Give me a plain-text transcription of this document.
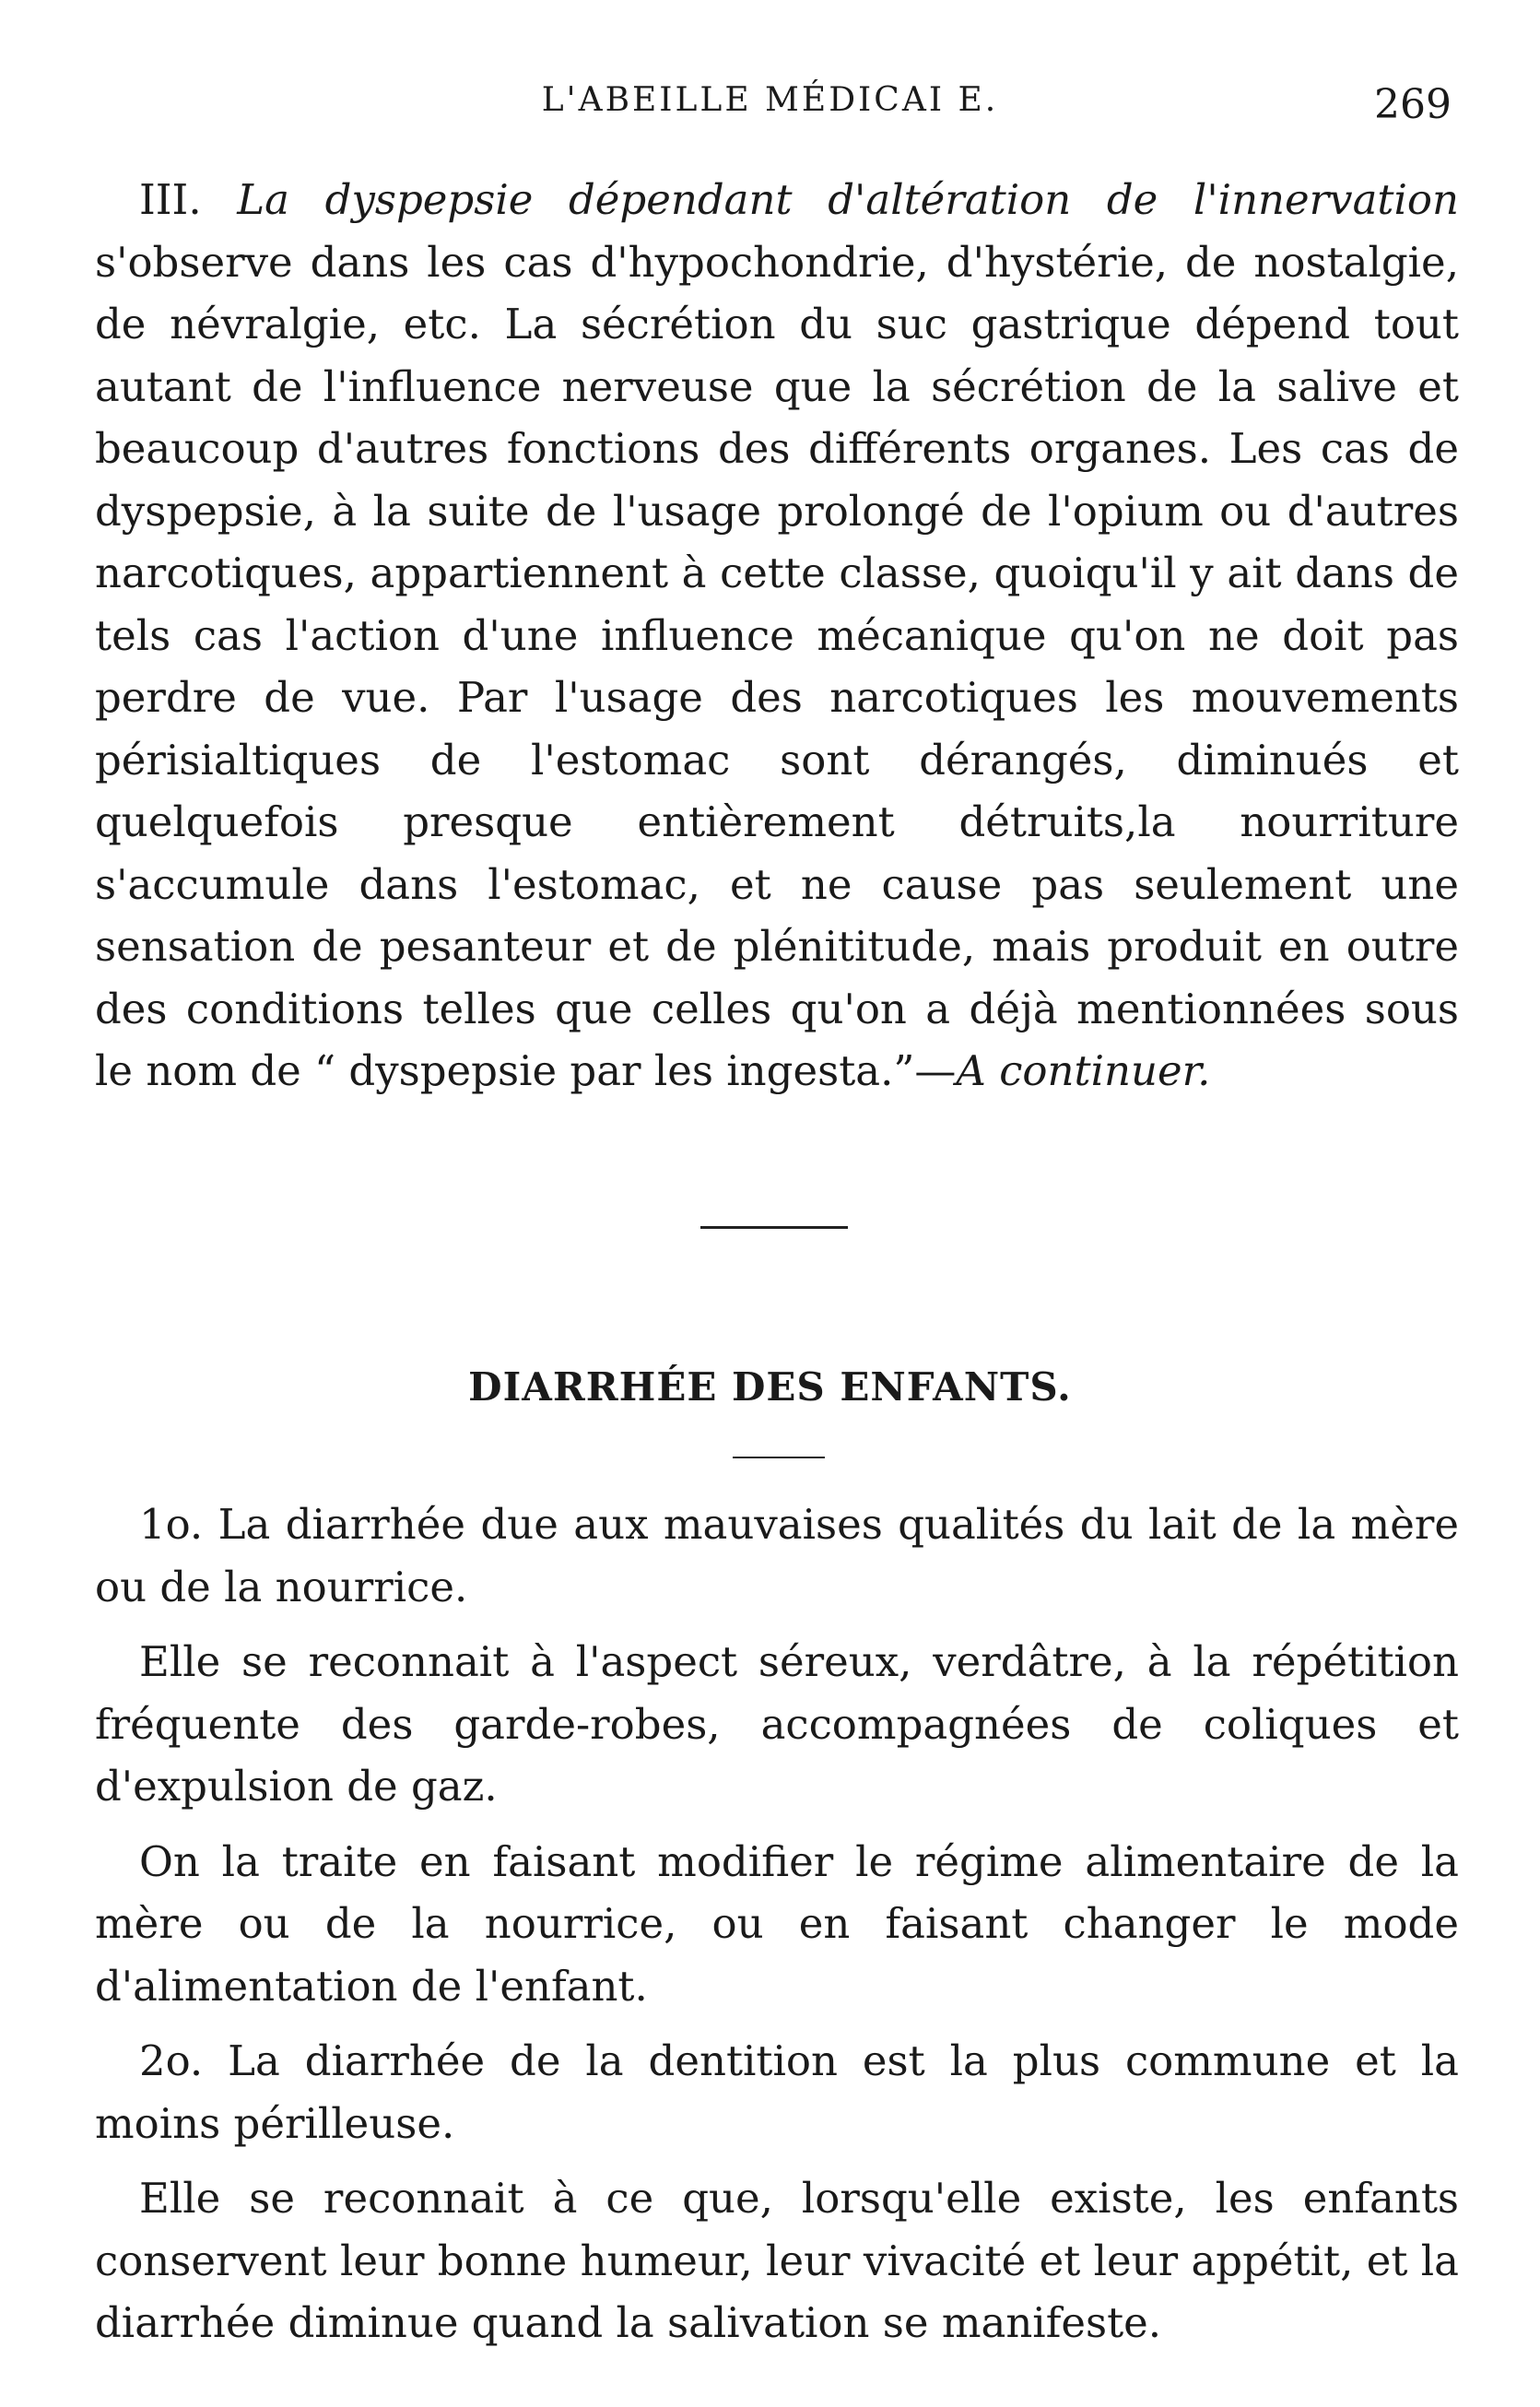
L'ABEILLE MÉDICAI E.	269

III. La dyspepsie dépendant d'altération de l'innervation s'observe dans les cas d'hypochondrie, d'hystérie, de nostalgie, de névralgie, etc. La sécrétion du suc gastrique dépend tout autant de l'influence nerveuse que la sécrétion de la salive et beaucoup d'autres fonctions des différents organes. Les cas de dyspepsie, à la suite de l'usage prolongé de l'opium ou d'autres narcotiques, appartiennent à cette classe, quoiqu'il y ait dans de tels cas l'action d'une influence mécanique qu'on ne doit pas perdre de vue. Par l'usage des narcotiques les mouvements périsialtiques de l'estomac sont dérangés, diminués et quelquefois presque entièrement détruits,la nourriture s'accumule dans l'estomac, et ne cause pas seulement une sensation de pesanteur et de plénititude, mais produit en outre des conditions telles que celles qu'on a déjà mentionnées sous le nom de “ dyspepsie par les ingesta.”—A continuer.

DIARRHÉE DES ENFANTS.

1o. La diarrhée due aux mauvaises qualités du lait de la mère ou de la nourrice.

Elle se reconnait à l'aspect séreux, verdâtre, à la répétition fréquente des garde-robes, accompagnées de coliques et d'expulsion de gaz.

On la traite en faisant modifier le régime alimentaire de la mère ou de la nourrice, ou en faisant changer le mode d'alimentation de l'enfant.

2o. La diarrhée de la dentition est la plus commune et la moins périlleuse.

Elle se reconnait à ce que, lorsqu'elle existe, les enfants conservent leur bonne humeur, leur vivacité et leur appétit, et la diarrhée diminue quand la salivation se manifeste.
